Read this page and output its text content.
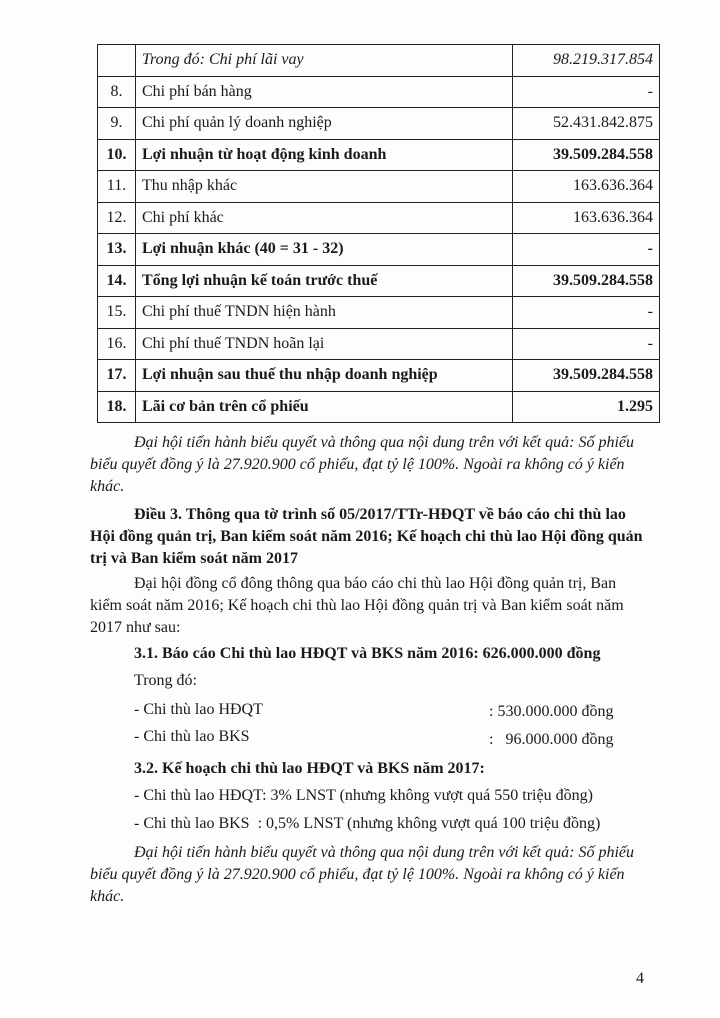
	Trong đó: Chi phí lãi vay	98.219.317.854
8.	Chi phí bán hàng	-
9.	Chi phí quản lý doanh nghiệp	52.431.842.875
10.	Lợi nhuận từ hoạt động kinh doanh	39.509.284.558
11.	Thu nhập khác	163.636.364
12.	Chi phí khác	163.636.364
13.	Lợi nhuận khác (40 = 31 - 32)	-
14.	Tổng lợi nhuận kế toán trước thuế	39.509.284.558
15.	Chi phí thuế TNDN hiện hành	-
16.	Chi phí thuế TNDN hoãn lại	-
17.	Lợi nhuận sau thuế thu nhập doanh nghiệp	39.509.284.558
18.	Lãi cơ bản trên cổ phiếu	1.295

Đại hội tiến hành biểu quyết và thông qua nội dung trên với kết quả: Số phiếu biểu quyết đồng ý là 27.920.900 cổ phiếu, đạt tỷ lệ 100%. Ngoài ra không có ý kiến khác.

Điều 3. Thông qua tờ trình số 05/2017/TTr-HĐQT về báo cáo chi thù lao Hội đồng quản trị, Ban kiểm soát năm 2016; Kế hoạch chi thù lao Hội đồng quản trị và Ban kiểm soát năm 2017

Đại hội đồng cổ đông thông qua báo cáo chi thù lao Hội đồng quản trị, Ban kiểm soát năm 2016; Kế hoạch chi thù lao Hội đồng quản trị và Ban kiểm soát năm 2017 như sau:

3.1. Báo cáo Chi thù lao HĐQT và BKS năm 2016: 626.000.000 đồng
Trong đó:
- Chi thù lao HĐQT	: 530.000.000 đồng
- Chi thù lao BKS	:   96.000.000 đồng
3.2. Kế hoạch chi thù lao HĐQT và BKS năm 2017:
- Chi thù lao HĐQT: 3% LNST (nhưng không vượt quá 550 triệu đồng)
- Chi thù lao BKS  : 0,5% LNST (nhưng không vượt quá 100 triệu đồng)

Đại hội tiến hành biểu quyết và thông qua nội dung trên với kết quả: Số phiếu biểu quyết đồng ý là 27.920.900 cổ phiếu, đạt tỷ lệ 100%. Ngoài ra không có ý kiến khác.

4
